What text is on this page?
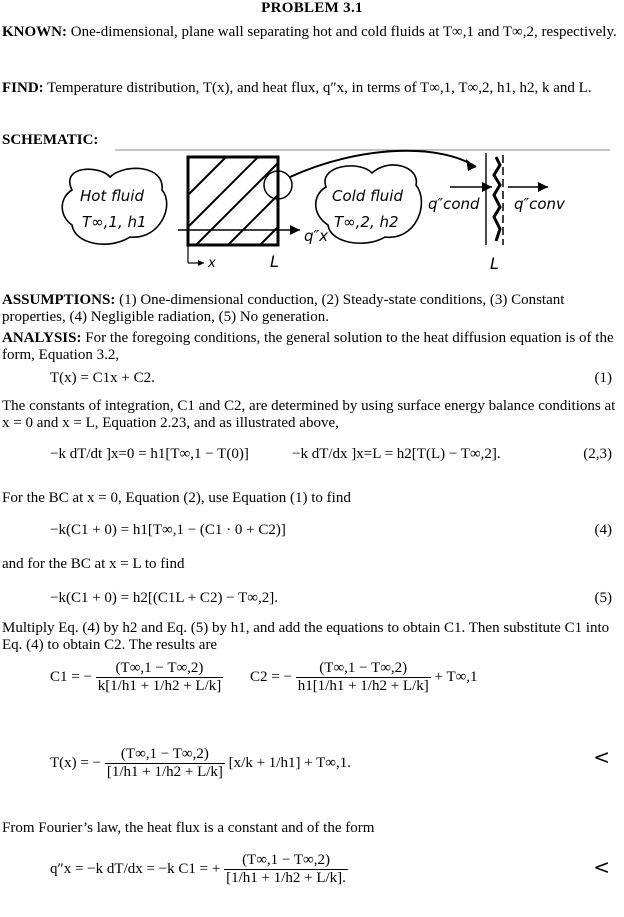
PROBLEM 3.1
KNOWN: One-dimensional, plane wall separating hot and cold fluids at T∞,1 and T∞,2, respectively.
FIND: Temperature distribution, T(x), and heat flux, q″x, in terms of T∞,1, T∞,2, h1, h2, k and L.
SCHEMATIC:
Hot fluid
T∞,1, h1
q″x
x	L
Cold fluid
T∞,2, h2
q″cond q″conv
L
ASSUMPTIONS: (1) One-dimensional conduction, (2) Steady-state conditions, (3) Constant properties, (4) Negligible radiation, (5) No generation.
ANALYSIS: For the foregoing conditions, the general solution to the heat diffusion equation is of the form, Equation 3.2,
T(x) = C1x + C2.	(1)
The constants of integration, C1 and C2, are determined by using surface energy balance conditions at x = 0 and x = L, Equation 2.23, and as illustrated above,
−k dT/dt ]x=0 = h1[T∞,1 − T(0)]	−k dT/dx ]x=L = h2[T(L) − T∞,2].	(2,3)
For the BC at x = 0, Equation (2), use Equation (1) to find
−k(C1 + 0) = h1[T∞,1 − (C1 · 0 + C2)]	(4)
and for the BC at x = L to find
−k(C1 + 0) = h2[(C1L + C2) − T∞,2].	(5)
Multiply Eq. (4) by h2 and Eq. (5) by h1, and add the equations to obtain C1. Then substitute C1 into Eq. (4) to obtain C2. The results are
C1 = − $\frac{(T\infty,1 - T\infty,2)}{k[1/h1 + 1/h2 + L/k]} C2$ = − $\frac{(T\infty,1 - T\infty,2)}{h1[1/h1 + 1/h2 + L/k]} + T\infty,1$
T(x) = − $\frac{(T\infty,1 - T\infty,2)}{[1/h1 + 1/h2 + L/k]} [x/k + 1/h1] + T\infty,1$.	<
From Fourier’s law, the heat flux is a constant and of the form
q″x = −k dT/dx = −k C1 = + $\frac{(T\infty,1 - T\infty,2)}{[1/h1 + 1/h2 + L/k].}$	<
